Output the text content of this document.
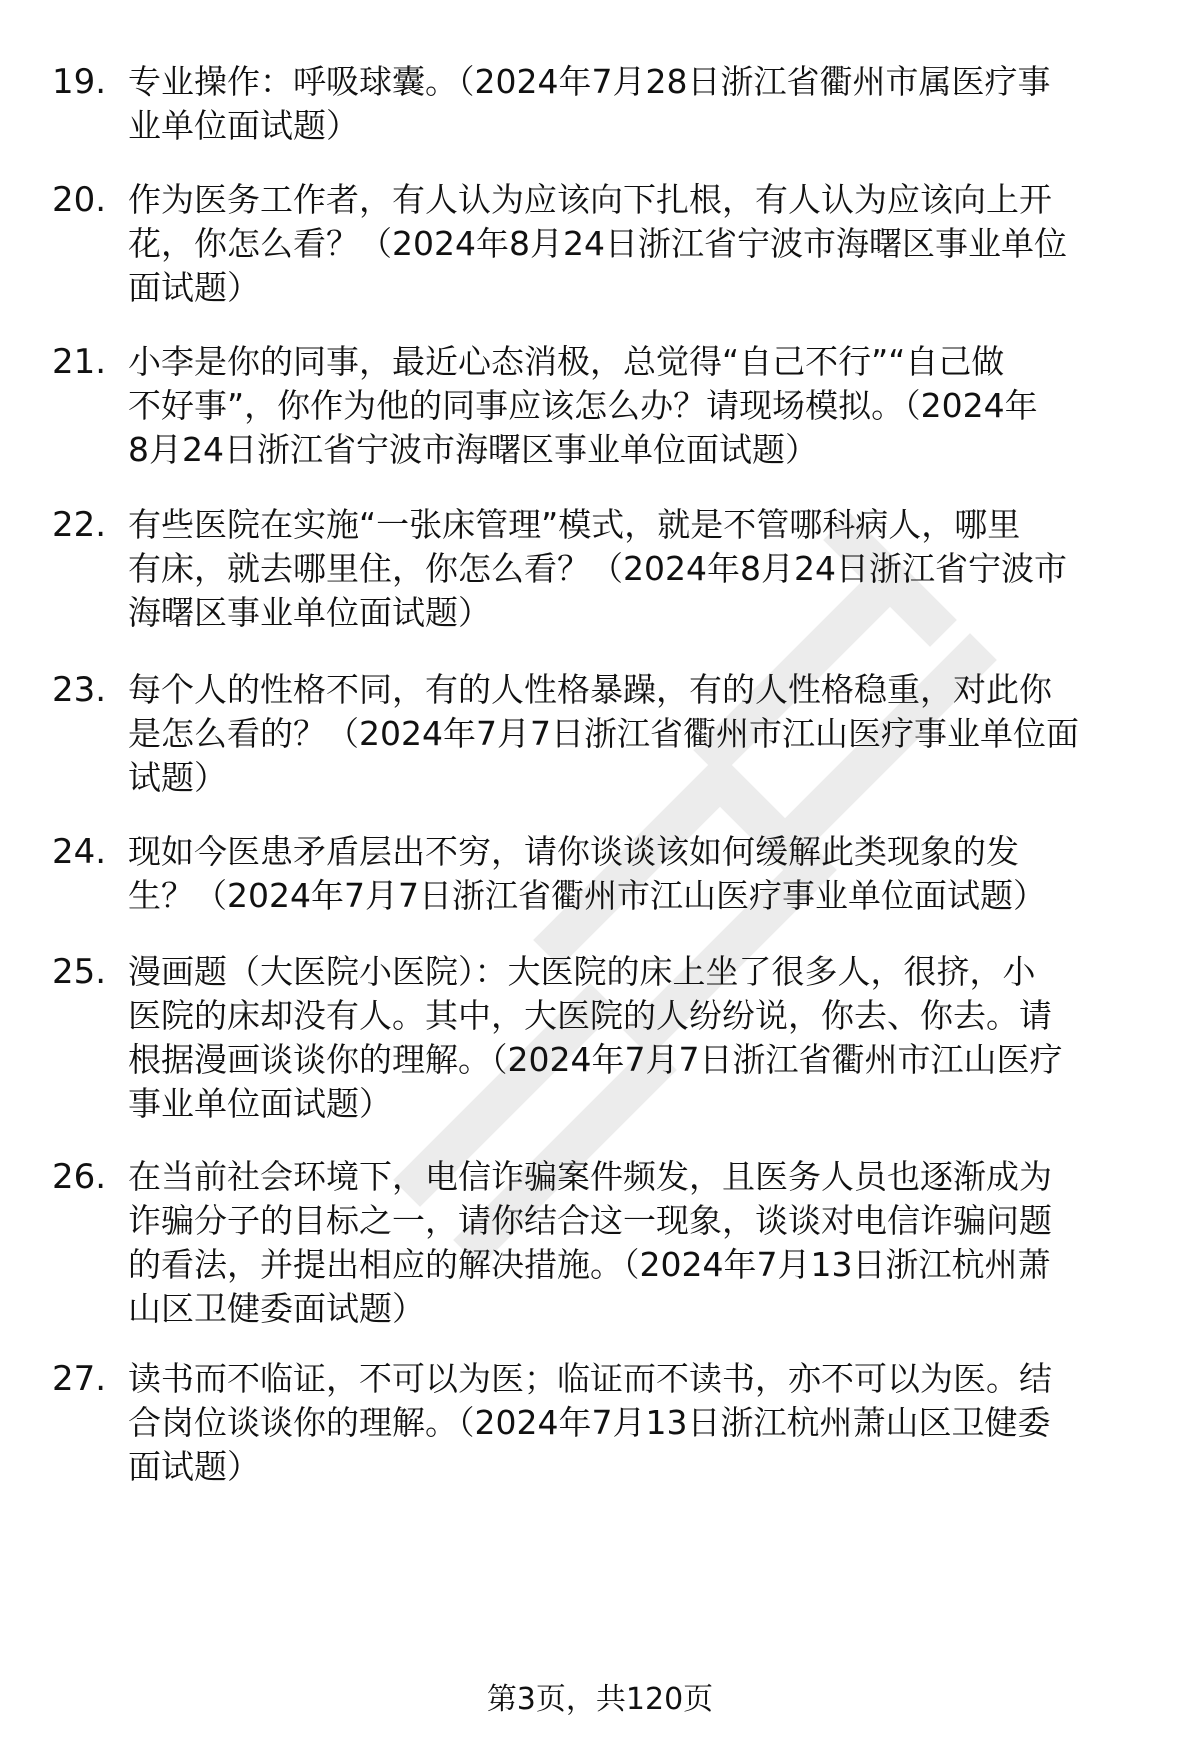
19. 专业操作：呼吸球囊。（2024年7月28日浙江省衢州市属医疗事
业单位面试题）
20. 作为医务工作者，有人认为应该向下扎根，有人认为应该向上开
花，你怎么看？（2024年8月24日浙江省宁波市海曙区事业单位
面试题）
21. 小李是你的同事，最近心态消极，总觉得“自己不行”“自己做
不好事”，你作为他的同事应该怎么办？请现场模拟。（2024年
8月24日浙江省宁波市海曙区事业单位面试题）
22. 有些医院在实施“一张床管理”模式，就是不管哪科病人，哪里
有床，就去哪里住，你怎么看？（2024年8月24日浙江省宁波市
海曙区事业单位面试题）
23. 每个人的性格不同，有的人性格暴躁，有的人性格稳重，对此你
是怎么看的？（2024年7月7日浙江省衢州市江山医疗事业单位面
试题）
24. 现如今医患矛盾层出不穷，请你谈谈该如何缓解此类现象的发
生？（2024年7月7日浙江省衢州市江山医疗事业单位面试题）
25. 漫画题（大医院小医院）：大医院的床上坐了很多人，很挤，小
医院的床却没有人。其中，大医院的人纷纷说，你去、你去。请
根据漫画谈谈你的理解。（2024年7月7日浙江省衢州市江山医疗
事业单位面试题）
26. 在当前社会环境下，电信诈骗案件频发，且医务人员也逐渐成为
诈骗分子的目标之一，请你结合这一现象，谈谈对电信诈骗问题
的看法，并提出相应的解决措施。（2024年7月13日浙江杭州萧
山区卫健委面试题）
27. 读书而不临证，不可以为医；临证而不读书，亦不可以为医。结
合岗位谈谈你的理解。（2024年7月13日浙江杭州萧山区卫健委
面试题）
第3页，共120页
